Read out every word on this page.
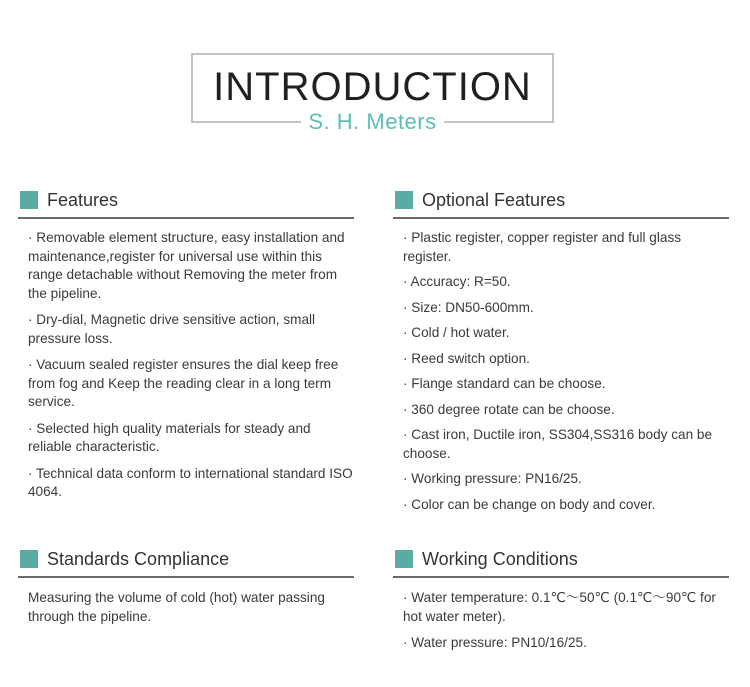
INTRODUCTION
S. H. Meters
Features

· Removable element structure, easy installation and maintenance,register for universal use within this range detachable without Removing the meter from the pipeline.

· Dry-dial, Magnetic drive sensitive action, small pressure loss.

· Vacuum sealed register ensures the dial keep free from fog and Keep the reading clear in a long term service.

· Selected high quality materials for steady and reliable characteristic.

· Technical data conform to international standard ISO 4064.

Optional Features

· Plastic register, copper register and full glass register.

· Accuracy: R=50.

· Size: DN50-600mm.

· Cold / hot water.

· Reed switch option.

· Flange standard can be choose.

· 360 degree rotate can be choose.

· Cast iron, Ductile iron, SS304,SS316 body can be choose.

· Working pressure: PN16/25.

· Color can be change on body and cover.

Standards Compliance

Measuring the volume of cold (hot) water passing through the pipeline.

Working Conditions

· Water temperature: 0.1℃～50℃ (0.1℃～90℃ for hot water meter).

· Water pressure: PN10/16/25.
